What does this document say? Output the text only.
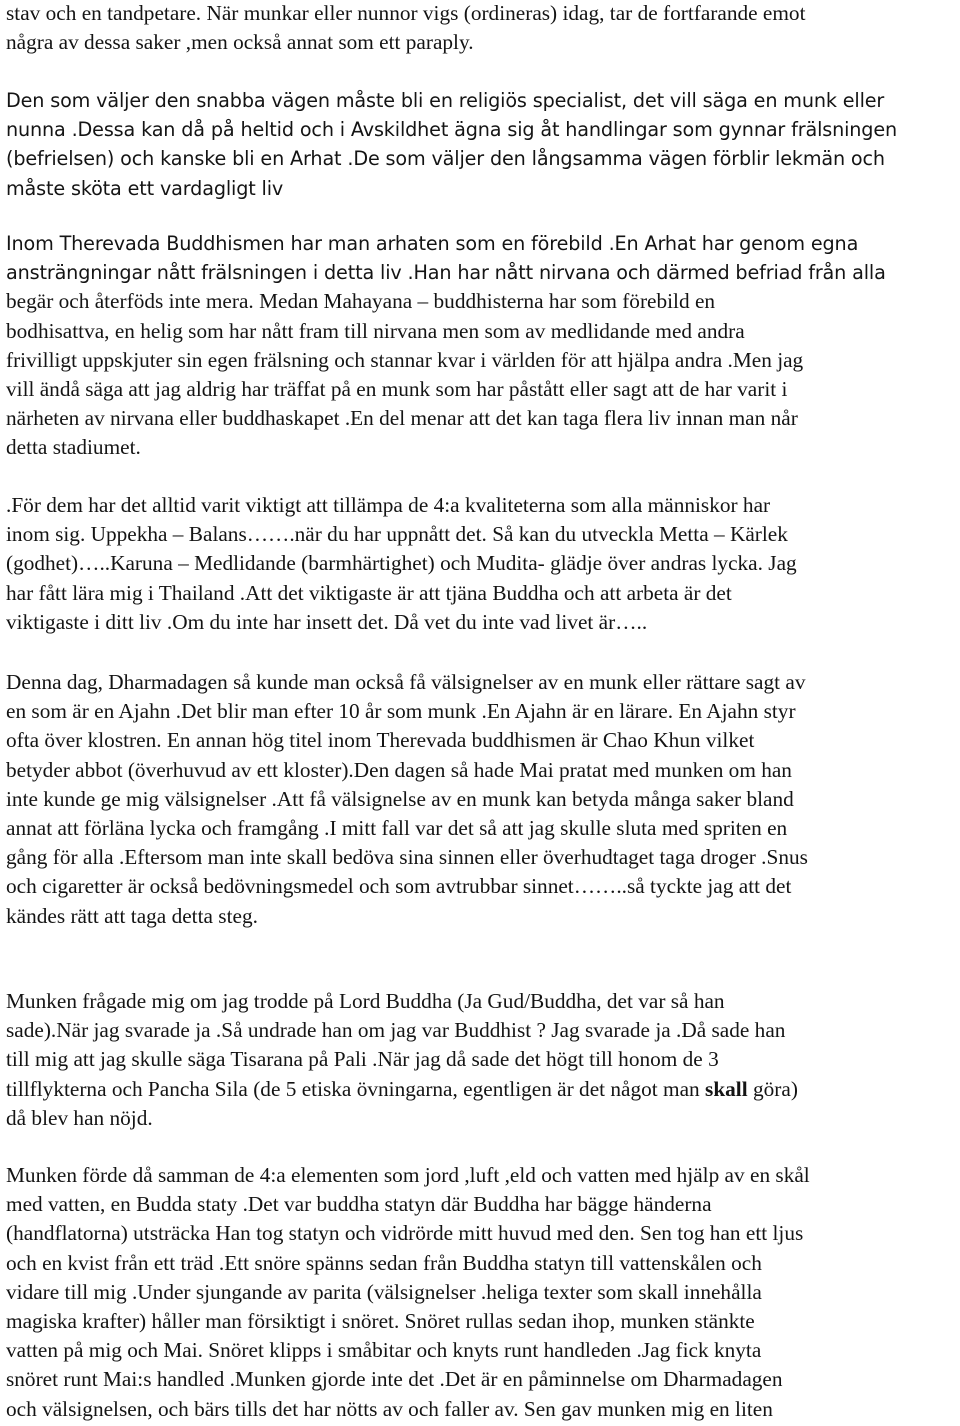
stav och en tandpetare. När munkar eller nunnor vigs (ordineras) idag, tar de fortfarande emot
några av dessa saker ,men också annat som ett paraply.

Den som väljer den snabba vägen måste bli en religiös specialist, det vill säga en munk eller
nunna .Dessa kan då på heltid och i Avskildhet ägna sig åt handlingar som gynnar frälsningen
(befrielsen) och kanske bli en Arhat .De som väljer den långsamma vägen förblir lekmän och
måste sköta ett vardagligt liv

Inom Therevada Buddhismen har man arhaten som en förebild .En Arhat har genom egna
ansträngningar nått frälsningen i detta liv .Han har nått nirvana och därmed befriad från alla
begär och återföds inte mera. Medan Mahayana – buddhisterna har som förebild en
bodhisattva, en helig som har nått fram till nirvana men som av medlidande med andra
frivilligt uppskjuter sin egen frälsning och stannar kvar i världen för att hjälpa andra .Men jag
vill ändå säga att jag aldrig har träffat på en munk som har påstått eller sagt att de har varit i
närheten av nirvana eller buddhaskapet .En del menar att det kan taga flera liv innan man når
detta stadiumet.

.För dem har det alltid varit viktigt att tillämpa de 4:a kvaliteterna som alla människor har
inom sig. Uppekha – Balans…….när du har uppnått det. Så kan du utveckla Metta – Kärlek
(godhet)…..Karuna – Medlidande (barmhärtighet) och Mudita- glädje över andras lycka. Jag
har fått lära mig i Thailand .Att det viktigaste är att tjäna Buddha och att arbeta är det
viktigaste i ditt liv .Om du inte har insett det. Då vet du inte vad livet är…..

Denna dag, Dharmadagen så kunde man också få välsignelser av en munk eller rättare sagt av
en som är en Ajahn .Det blir man efter 10 år som munk .En Ajahn är en lärare. En Ajahn styr
ofta över klostren. En annan hög titel inom Therevada buddhismen är Chao Khun vilket
betyder abbot (överhuvud av ett kloster).Den dagen så hade Mai pratat med munken om han
inte kunde ge mig välsignelser .Att få välsignelse av en munk kan betyda många saker bland
annat att förläna lycka och framgång .I mitt fall var det så att jag skulle sluta med spriten en
gång för alla .Eftersom man inte skall bedöva sina sinnen eller överhudtaget taga droger .Snus
och cigaretter är också bedövningsmedel och som avtrubbar sinnet……..så tyckte jag att det
kändes rätt att taga detta steg.

Munken frågade mig om jag trodde på Lord Buddha (Ja Gud/Buddha, det var så han
sade).När jag svarade ja .Så undrade han om jag var Buddhist ? Jag svarade ja .Då sade han
till mig att jag skulle säga Tisarana på Pali .När jag då sade det högt till honom de 3
tillflykterna och Pancha Sila (de 5 etiska övningarna, egentligen är det något man skall göra)
då blev han nöjd.

Munken förde då samman de 4:a elementen som jord ,luft ,eld och vatten med hjälp av en skål
med vatten, en Budda staty .Det var buddha statyn där Buddha har bägge händerna
(handflatorna) utsträcka Han tog statyn och vidrörde mitt huvud med den. Sen tog han ett ljus
och en kvist från ett träd .Ett snöre spänns sedan från Buddha statyn till vattenskålen och
vidare till mig .Under sjungande av parita (välsignelser .heliga texter som skall innehålla
magiska krafter) håller man försiktigt i snöret. Snöret rullas sedan ihop, munken stänkte
vatten på mig och Mai. Snöret klipps i småbitar och knyts runt handleden .Jag fick knyta
snöret runt Mai:s handled .Munken gjorde inte det .Det är en påminnelse om Dharmadagen
och välsignelsen, och bärs tills det har nötts av och faller av. Sen gav munken mig en liten
